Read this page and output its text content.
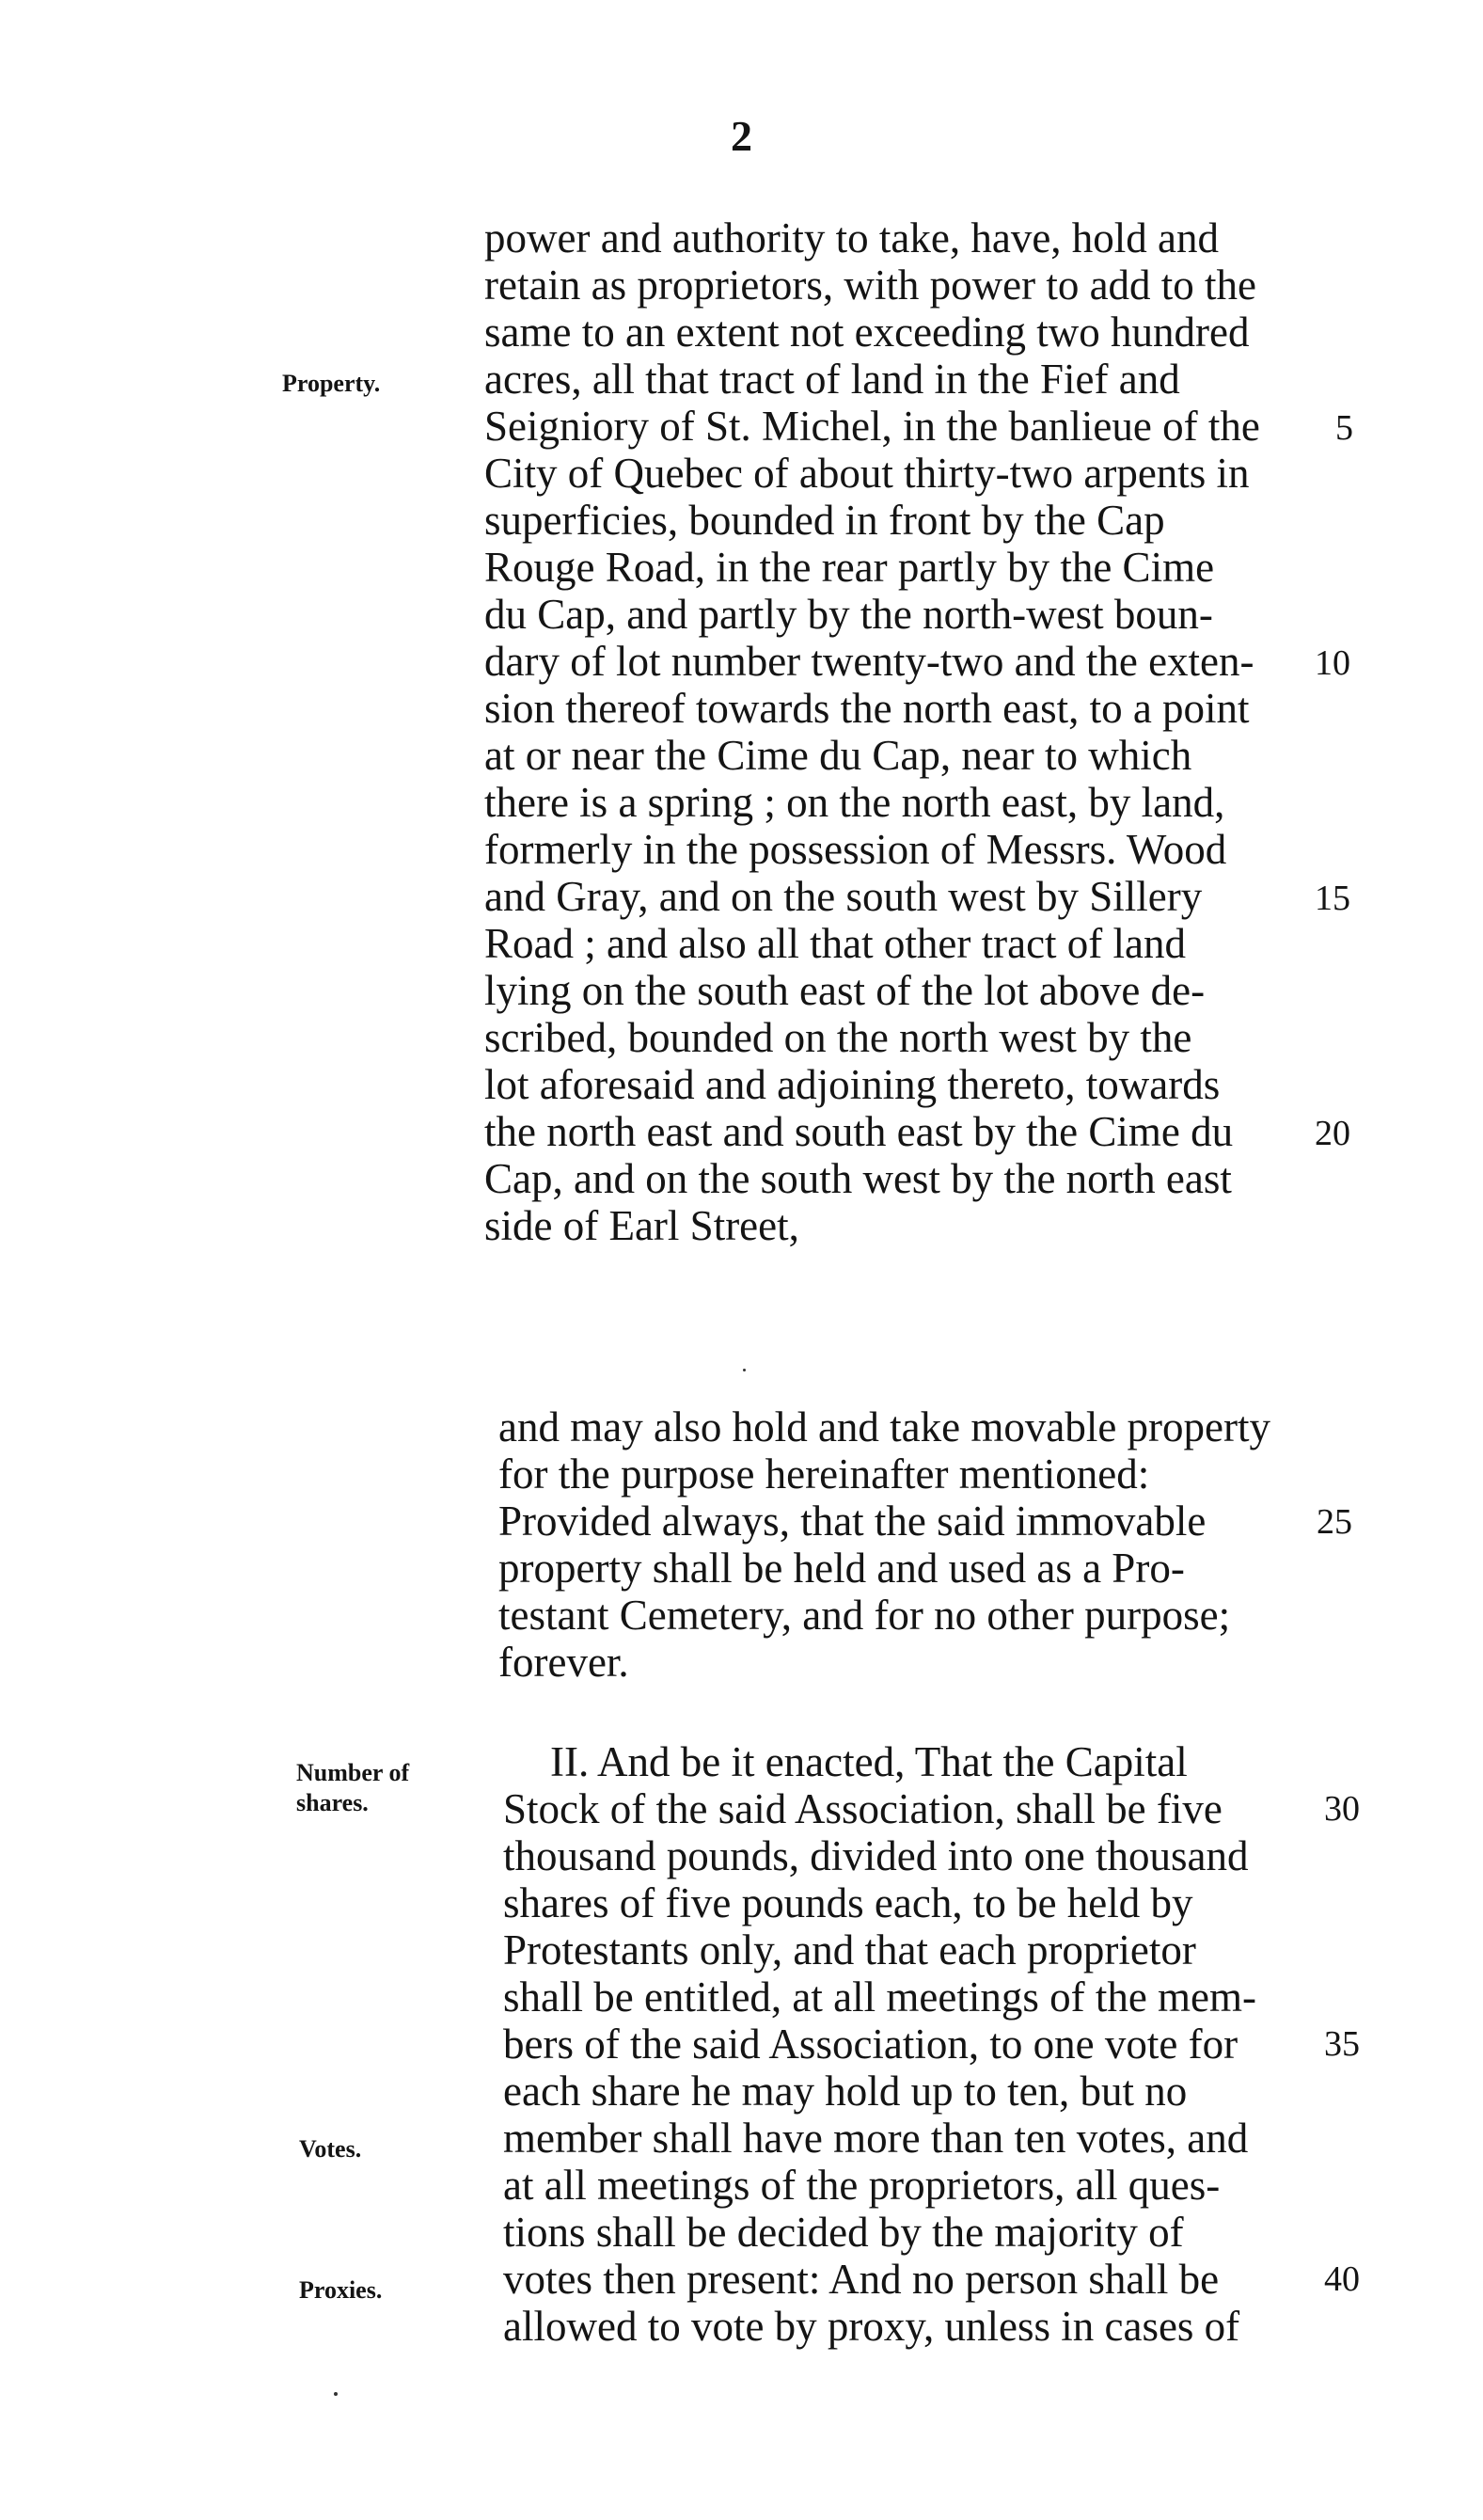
2
power and authority to take, have, hold and
retain as proprietors, with power to add to the
same to an extent not exceeding two hundred
acres, all that tract of land in the Fief and
Seigniory of St. Michel, in the banlieue of the
City of Quebec of about thirty-two arpents in
superficies, bounded in front by the Cap
Rouge Road, in the rear partly by the Cime
du Cap, and partly by the north-west boun-
dary of lot number twenty-two and the exten-
sion thereof towards the north east, to a point
at or near the Cime du Cap, near to which
there is a spring ; on the north east, by land,
formerly in the possession of Messrs. Wood
and Gray, and on the south west by Sillery
Road ; and also all that other tract of land
lying on the south east of the lot above de-
scribed, bounded on the north west by the
lot aforesaid and adjoining thereto, towards
the north east and south east by the Cime du
Cap, and on the south west by the north east
side of Earl Street,
and may also hold and take movable property
for the purpose hereinafter mentioned:
Provided always, that the said immovable
property shall be held and used as a Pro-
testant Cemetery, and for no other purpose;
forever.
II. And be it enacted, That the Capital
Stock of the said Association, shall be five
thousand pounds, divided into one thousand
shares of five pounds each, to be held by
Protestants only, and that each proprietor
shall be entitled, at all meetings of the mem-
bers of the said Association, to one vote for
each share he may hold up to ten, but no
member shall have more than ten votes, and
at all meetings of the proprietors, all ques-
tions shall be decided by the majority of
votes then present: And no person shall be
allowed to vote by proxy, unless in cases of
Property.
Number of
shares.
Votes.
Proxies.
5
10
15
20
25
30
35
40
